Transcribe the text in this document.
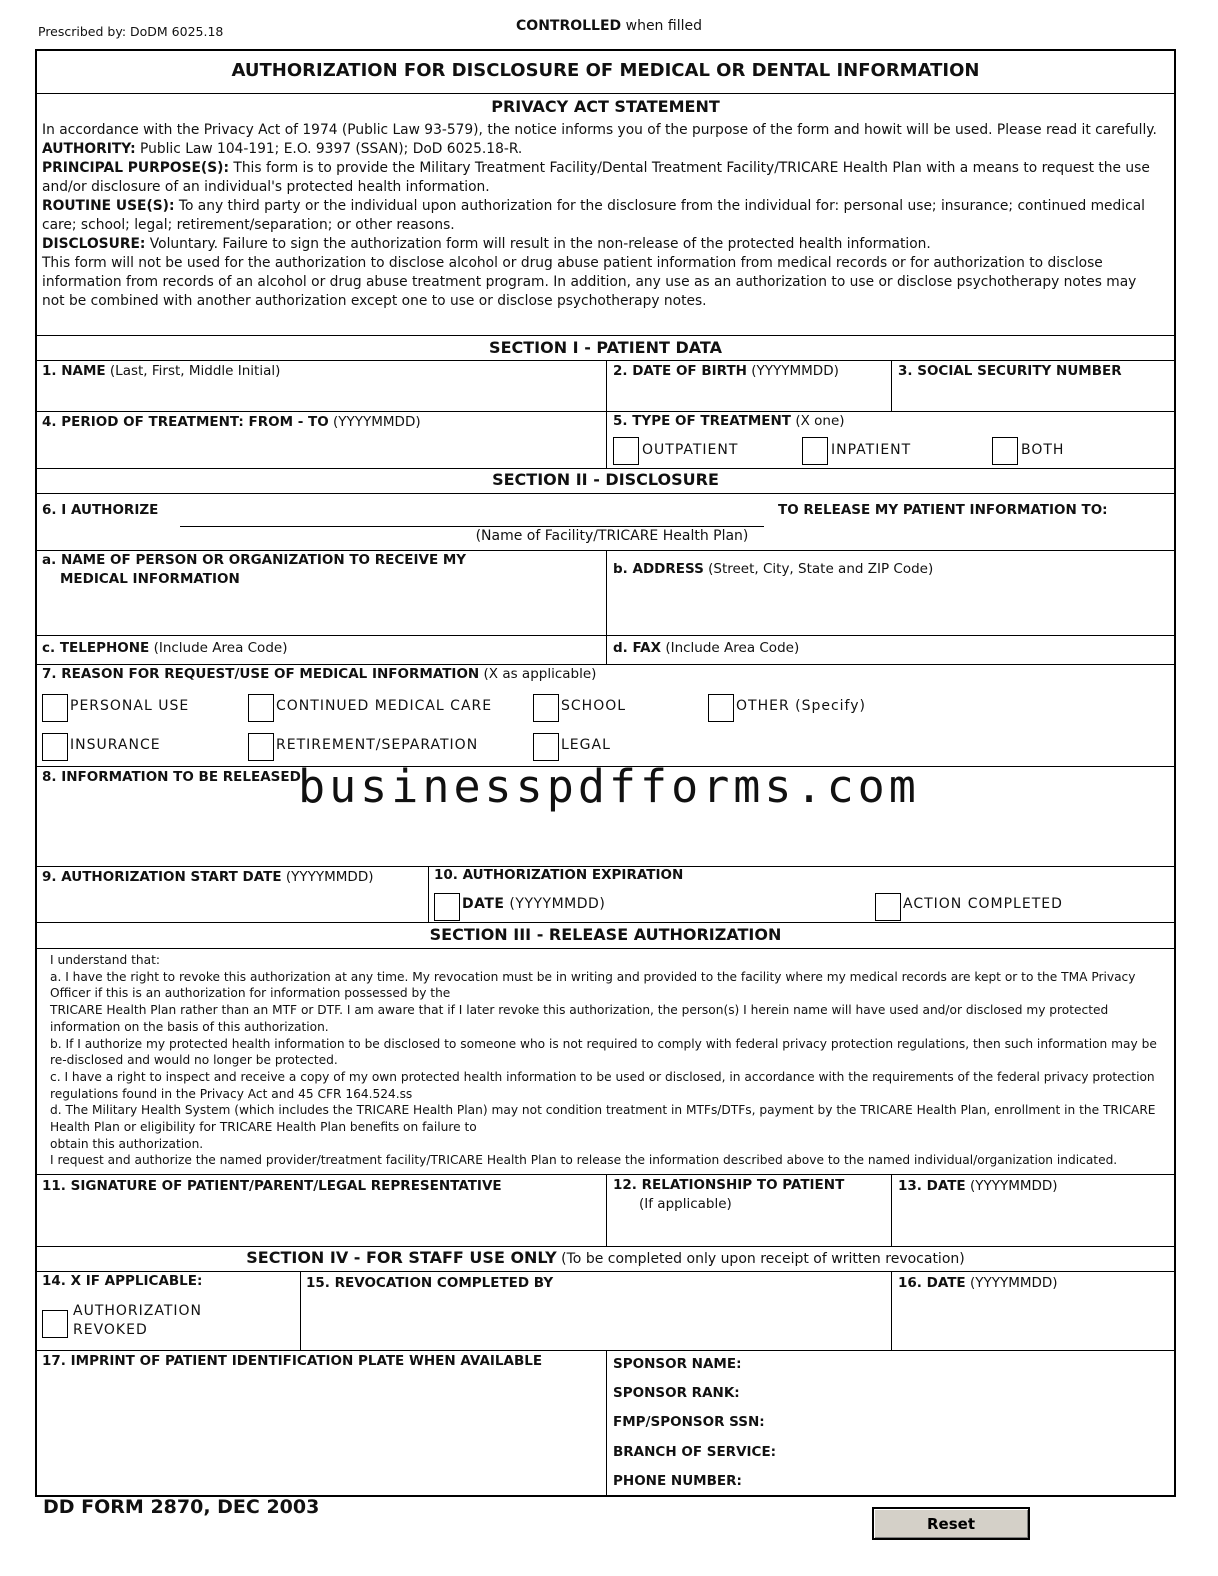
Prescribed by: DoDM 6025.18	CONTROLLED when filled
AUTHORIZATION FOR DISCLOSURE OF MEDICAL OR DENTAL INFORMATION
PRIVACY ACT STATEMENT
In accordance with the Privacy Act of 1974 (Public Law 93-579), the notice informs you of the purpose of the form and howit will be used. Please read it carefully.
AUTHORITY: Public Law 104-191; E.O. 9397 (SSAN); DoD 6025.18-R.
PRINCIPAL PURPOSE(S): This form is to provide the Military Treatment Facility/Dental Treatment Facility/TRICARE Health Plan with a means to request the use and/or disclosure of an individual's protected health information.
ROUTINE USE(S): To any third party or the individual upon authorization for the disclosure from the individual for: personal use; insurance; continued medical care; school; legal; retirement/separation; or other reasons.
DISCLOSURE: Voluntary. Failure to sign the authorization form will result in the non-release of the protected health information.
This form will not be used for the authorization to disclose alcohol or drug abuse patient information from medical records or for authorization to disclose information from records of an alcohol or drug abuse treatment program. In addition, any use as an authorization to use or disclose psychotherapy notes may not be combined with another authorization except one to use or disclose psychotherapy notes.
SECTION I - PATIENT DATA
1. NAME (Last, First, Middle Initial)	2. DATE OF BIRTH (YYYYMMDD)	3. SOCIAL SECURITY NUMBER
4. PERIOD OF TREATMENT: FROM - TO (YYYYMMDD)	5. TYPE OF TREATMENT (X one)
OUTPATIENT	INPATIENT	BOTH
SECTION II - DISCLOSURE
6. I AUTHORIZE	TO RELEASE MY PATIENT INFORMATION TO:
(Name of Facility/TRICARE Health Plan)
a. NAME OF PERSON OR ORGANIZATION TO RECEIVE MY
MEDICAL INFORMATION
b. ADDRESS (Street, City, State and ZIP Code)
c. TELEPHONE (Include Area Code)	d. FAX (Include Area Code)
7. REASON FOR REQUEST/USE OF MEDICAL INFORMATION (X as applicable)
PERSONAL USE	CONTINUED MEDICAL CARE	SCHOOL	OTHER (Specify)
INSURANCE	RETIREMENT/SEPARATION	LEGAL
8. INFORMATION TO BE RELEASED
9. AUTHORIZATION START DATE (YYYYMMDD)	10. AUTHORIZATION EXPIRATION
DATE (YYYYMMDD)	ACTION COMPLETED
SECTION III - RELEASE AUTHORIZATION
I understand that:
a. I have the right to revoke this authorization at any time. My revocation must be in writing and provided to the facility where my medical records are kept or to the TMA Privacy Officer if this is an authorization for information possessed by the
TRICARE Health Plan rather than an MTF or DTF. I am aware that if I later revoke this authorization, the person(s) I herein name will have used and/or disclosed my protected information on the basis of this authorization.
b. If I authorize my protected health information to be disclosed to someone who is not required to comply with federal privacy protection regulations, then such information may be re-disclosed and would no longer be protected.
c. I have a right to inspect and receive a copy of my own protected health information to be used or disclosed, in accordance with the requirements of the federal privacy protection regulations found in the Privacy Act and 45 CFR 164.524.ss
d. The Military Health System (which includes the TRICARE Health Plan) may not condition treatment in MTFs/DTFs, payment by the TRICARE Health Plan, enrollment in the TRICARE Health Plan or eligibility for TRICARE Health Plan benefits on failure to
obtain this authorization.
I request and authorize the named provider/treatment facility/TRICARE Health Plan to release the information described above to the named individual/organization indicated.
11. SIGNATURE OF PATIENT/PARENT/LEGAL REPRESENTATIVE	12. RELATIONSHIP TO PATIENT
(If applicable)
13. DATE (YYYYMMDD)
SECTION IV - FOR STAFF USE ONLY (To be completed only upon receipt of written revocation)
14. X IF APPLICABLE:
AUTHORIZATION
REVOKED
15. REVOCATION COMPLETED BY	16. DATE (YYYYMMDD)
17. IMPRINT OF PATIENT IDENTIFICATION PLATE WHEN AVAILABLE	SPONSOR NAME:
SPONSOR RANK:
FMP/SPONSOR SSN:
BRANCH OF SERVICE:
PHONE NUMBER:
businesspdfforms.com
DD FORM 2870, DEC 2003
Reset
